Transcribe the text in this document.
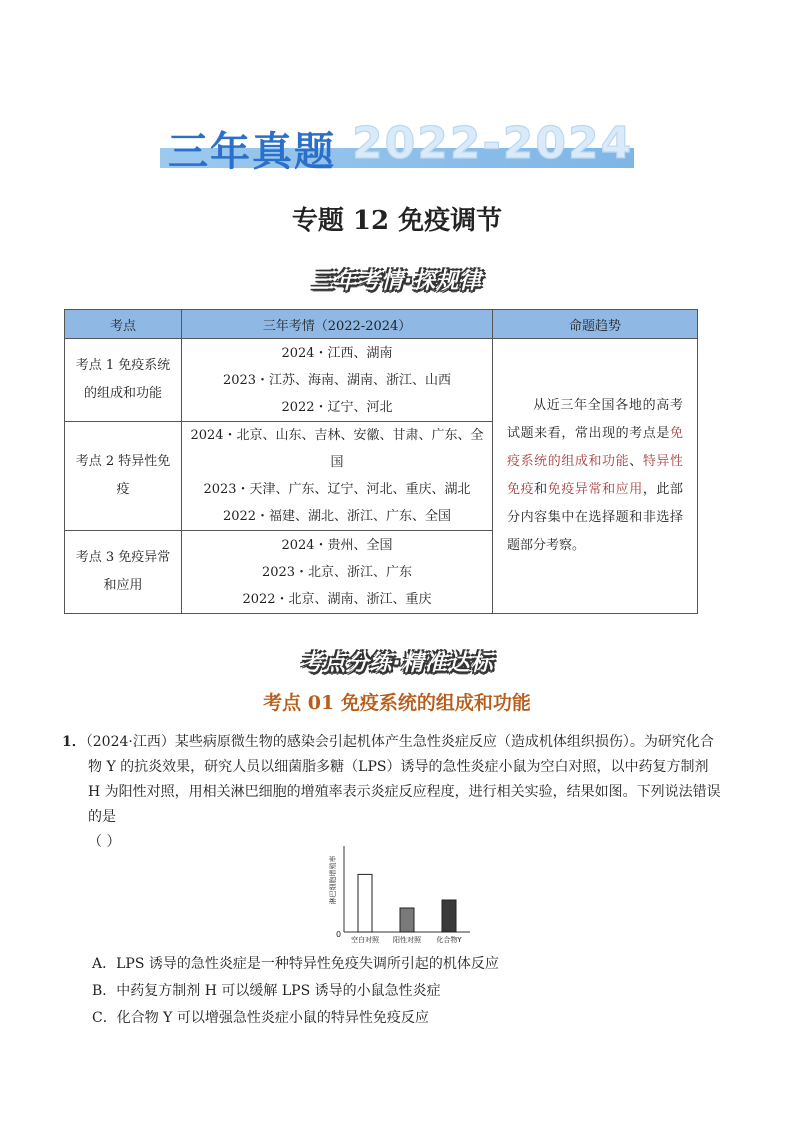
三年真题 2022-2024
专题 12 免疫调节
三年考情·探规律
考点	三年考情（2022-2024）	命题趋势
考点 1 免疫系统的组成和功能	2024・江西、湖南
2023・江苏、海南、湖南、浙江、山西
2022・辽宁、河北	从近三年全国各地的高考试题来看，常出现的考点是免疫系统的组成和功能、特异性免疫和免疫异常和应用，此部分内容集中在选择题和非选择题部分考察。
考点 2 特异性免疫	2024・北京、山东、吉林、安徽、甘肃、广东、全国
2023・天津、广东、辽宁、河北、重庆、湖北
2022・福建、湖北、浙江、广东、全国	

考点 3 免疫异常和应用	2024・贵州、全国
2023・北京、浙江、广东
2022・北京、湖南、浙江、重庆	
考点分练·精准达标
考点 01 免疫系统的组成和功能
1．（2024·江西）某些病原微生物的感染会引起机体产生急性炎症反应（造成机体组织损伤）。为研究化合物 Y 的抗炎效果，研究人员以细菌脂多糖（LPS）诱导的急性炎症小鼠为空白对照，以中药复方制剂 H 为阳性对照，用相关淋巴细胞的增殖率表示炎症反应程度，进行相关实验，结果如图。下列说法错误的是
（ ）
淋巴细胞增殖率
0
空白对照 阳性对照 化合物Y
A．LPS 诱导的急性炎症是一种特异性免疫失调所引起的机体反应
B．中药复方制剂 H 可以缓解 LPS 诱导的小鼠急性炎症
C．化合物 Y 可以增强急性炎症小鼠的特异性免疫反应
